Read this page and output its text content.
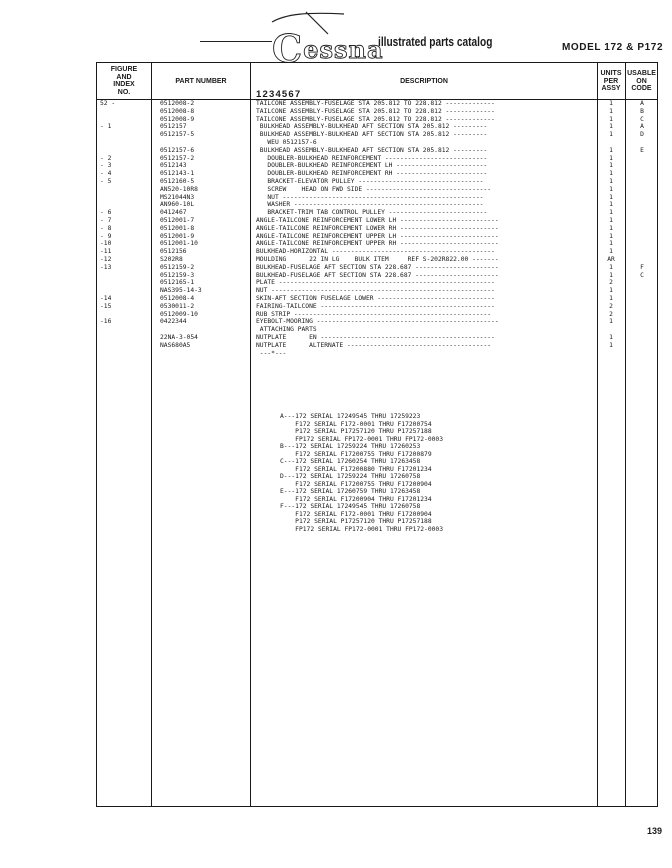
Cessna
illustrated parts catalog	MODEL 172 & P172
FIGURE
AND
INDEX
NO.
PART NUMBER	DESCRIPTION
1234567
UNITS
PER
ASSY
USABLE
ON
CODE
52 -	0512008-2	TAILCONE ASSEMBLY-FUSELAGE STA 205.812 TO 228.812 -------------	1	A
0512008-8	TAILCONE ASSEMBLY-FUSELAGE STA 205.812 TO 228.812 -------------	1	B
0512008-9	TAILCONE ASSEMBLY-FUSELAGE STA 205.812 TO 228.812 -------------	1	C
- 1	0512157	BULKHEAD ASSEMBLY-BULKHEAD AFT SECTION STA 205.812 ---------	1	A
0512157-5	BULKHEAD ASSEMBLY-BULKHEAD AFT SECTION STA 205.812 ---------	1	D
WEU 0512157-6
0512157-6	BULKHEAD ASSEMBLY-BULKHEAD AFT SECTION STA 205.812 ---------	1	E
- 2	0512157-2	DOUBLER-BULKHEAD REINFORCEMENT ---------------------------	1
- 3	0512143	DOUBLER-BULKHEAD REINFORCEMENT LH ------------------------	1
- 4	0512143-1	DOUBLER-BULKHEAD REINFORCEMENT RH ------------------------	1
- 5	0512160-5	BRACKET-ELEVATOR PULLEY ---------------------------------	1
AN520-10R8	SCREW    HEAD ON FWD SIDE ---------------------------------	1
MS21044N3	NUT -----------------------------------------------------	1
AN960-10L	WASHER --------------------------------------------------	1
- 6	0412467	BRACKET-TRIM TAB CONTROL PULLEY --------------------------	1
- 7	0512001-7	ANGLE-TAILCONE REINFORCEMENT LOWER LH --------------------------	1
- 8	0512001-8	ANGLE-TAILCONE REINFORCEMENT LOWER RH --------------------------	1
- 9	0512001-9	ANGLE-TAILCONE REINFORCEMENT UPPER LH --------------------------	1
-10	0512001-10	ANGLE-TAILCONE REINFORCEMENT UPPER RH --------------------------	1
-11	0512156	BULKHEAD-HORIZONTAL -------------------------------------------	1
-12	S202R8	MOULDING      22 IN LG    BULK ITEM     REF S-202R822.00 -------	AR
-13	0512159-2	BULKHEAD-FUSELAGE AFT SECTION STA 228.687 ----------------------	1	F
0512159-3	BULKHEAD-FUSELAGE AFT SECTION STA 228.687 ----------------------	1	C
0512165-1	PLATE ---------------------------------------------------------	2
NAS395-14-3	NUT -----------------------------------------------------------	1
-14	0512008-4	SKIN-AFT SECTION FUSELAGE LOWER -------------------------------	1
-15	0530011-2	FAIRING-TAILCONE ----------------------------------------------	2
0512009-10	RUB STRIP ----------------------------------------------------	2
-16	0422344	EYEBOLT-MOORING ------------------------------------------------	1
ATTACHING PARTS
22NA-3-054	NUTPLATE      EN ----------------------------------------------	1
NAS680A5	NUTPLATE      ALTERNATE --------------------------------------	1
---*---
A---172 SERIAL 17249545 THRU 17259223
F172 SERIAL F172-0001 THRU F17200754
P172 SERIAL P17257120 THRU P17257188
FP172 SERIAL FP172-0001 THRU FP172-0003
B---172 SERIAL 17259224 THRU 17260253
F172 SERIAL F17200755 THRU F17200879
C---172 SERIAL 17260254 THRU 17263458
F172 SERIAL F17200880 THRU F17201234
D---172 SERIAL 17259224 THRU 17260758
F172 SERIAL F17200755 THRU F17200904
E---172 SERIAL 17260759 THRU 17263458
F172 SERIAL F17200904 THRU F17201234
F---172 SERIAL 17249545 THRU 17260758
F172 SERIAL F172-0001 THRU F17200904
P172 SERIAL P17257120 THRU P17257188
FP172 SERIAL FP172-0001 THRU FP172-0003
139
